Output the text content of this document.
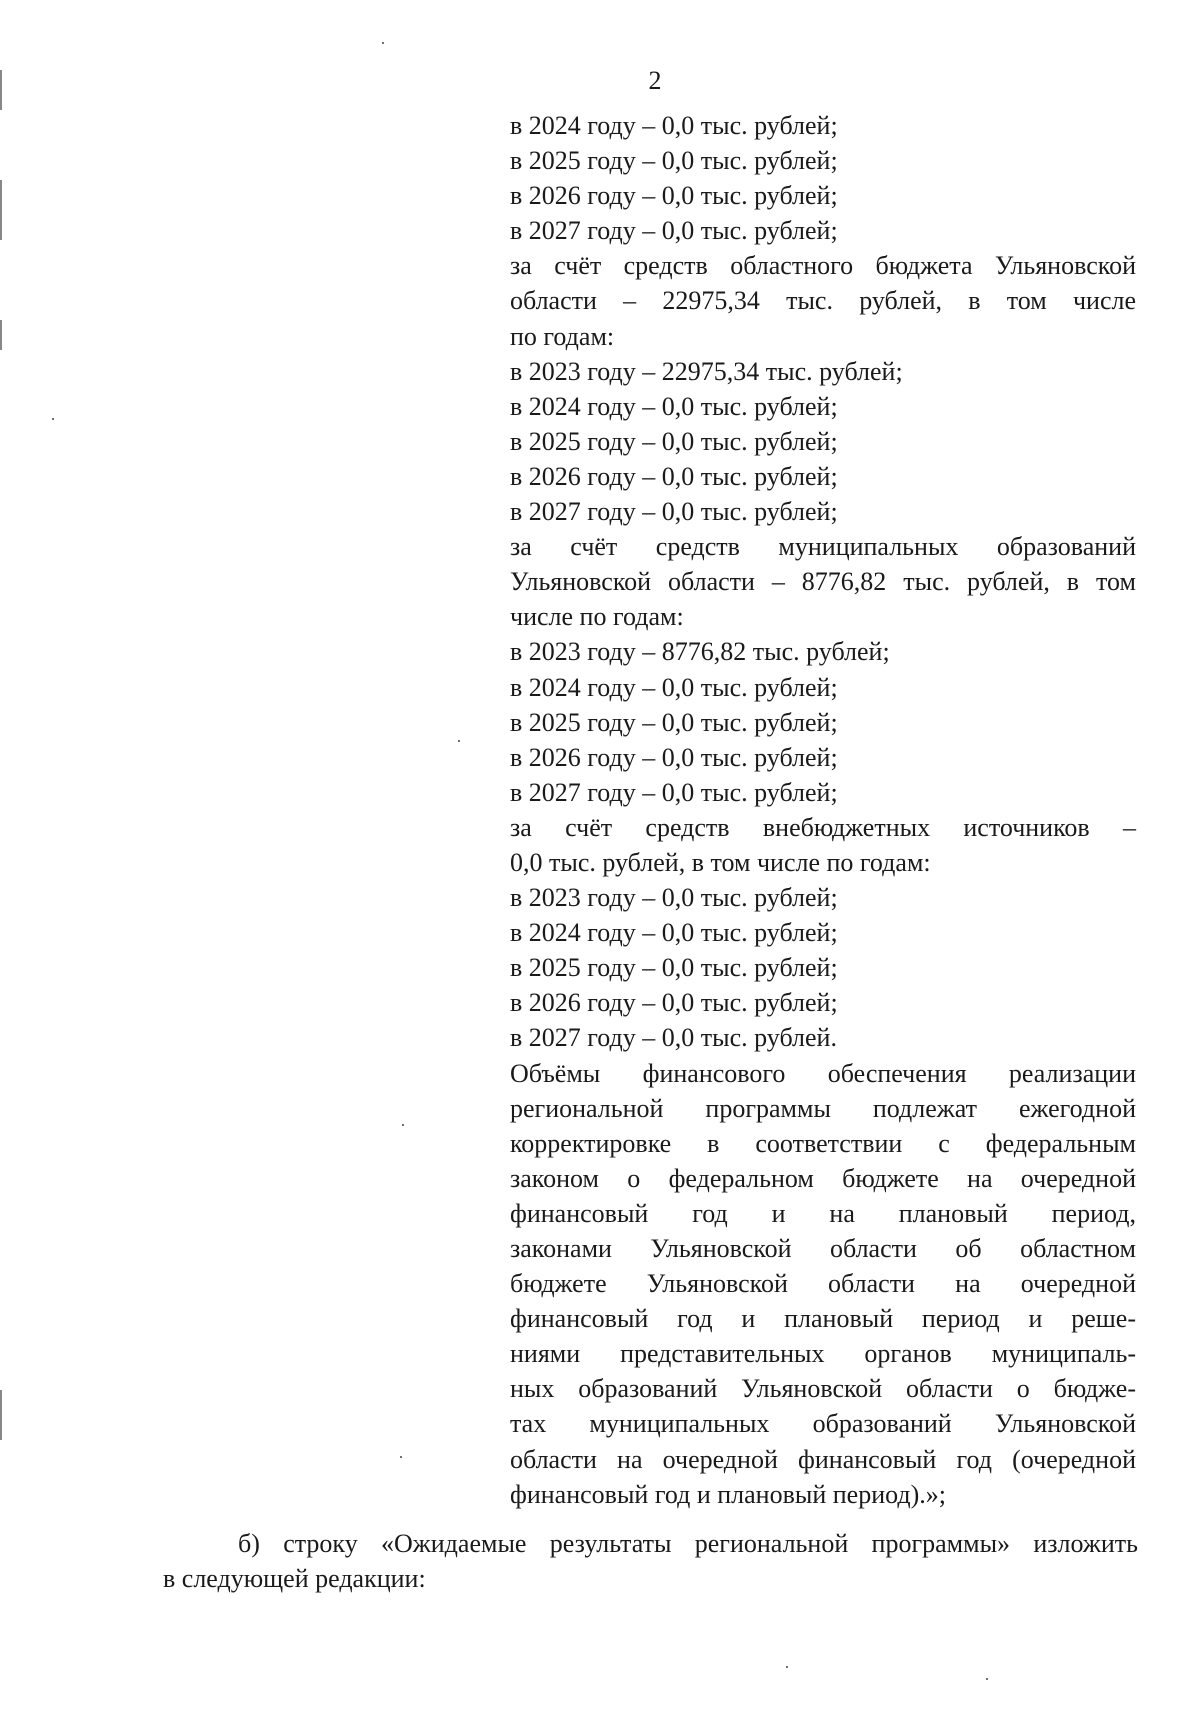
2
в 2024 году – 0,0 тыс. рублей;
в 2025 году – 0,0 тыс. рублей;
в 2026 году – 0,0 тыс. рублей;
в 2027 году – 0,0 тыс. рублей;
за счёт средств областного бюджета Ульяновской
области – 22975,34 тыс. рублей, в том числе
по годам:
в 2023 году – 22975,34 тыс. рублей;
в 2024 году – 0,0 тыс. рублей;
в 2025 году – 0,0 тыс. рублей;
в 2026 году – 0,0 тыс. рублей;
в 2027 году – 0,0 тыс. рублей;
за счёт средств муниципальных образований
Ульяновской области – 8776,82 тыс. рублей, в том
числе по годам:
в 2023 году – 8776,82 тыс. рублей;
в 2024 году – 0,0 тыс. рублей;
в 2025 году – 0,0 тыс. рублей;
в 2026 году – 0,0 тыс. рублей;
в 2027 году – 0,0 тыс. рублей;
за счёт средств внебюджетных источников –
0,0 тыс. рублей, в том числе по годам:
в 2023 году – 0,0 тыс. рублей;
в 2024 году – 0,0 тыс. рублей;
в 2025 году – 0,0 тыс. рублей;
в 2026 году – 0,0 тыс. рублей;
в 2027 году – 0,0 тыс. рублей.
Объёмы финансового обеспечения реализации
региональной программы подлежат ежегодной
корректировке в соответствии с федеральным
законом о федеральном бюджете на очередной
финансовый год и на плановый период,
законами Ульяновской области об областном
бюджете Ульяновской области на очередной
финансовый год и плановый период и реше-
ниями представительных органов муниципаль-
ных образований Ульяновской области о бюдже-
тах муниципальных образований Ульяновской
области на очередной финансовый год (очередной
финансовый год и плановый период).»;
б) строку «Ожидаемые результаты региональной программы» изложить
в следующей редакции:
